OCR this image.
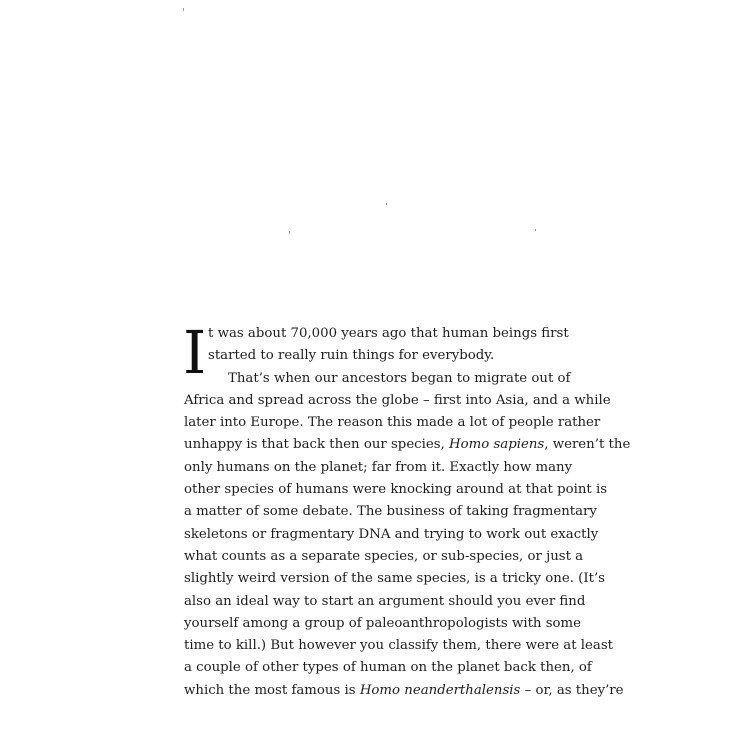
I t was about 70,000 years ago that human beings first
started to really ruin things for everybody.
That’s when our ancestors began to migrate out of
Africa and spread across the globe – first into Asia, and a while
later into Europe. The reason this made a lot of people rather
unhappy is that back then our species, Homo sapiens, weren’t the
only humans on the planet; far from it. Exactly how many
other species of humans were knocking around at that point is
a matter of some debate. The business of taking fragmentary
skeletons or fragmentary DNA and trying to work out exactly
what counts as a separate species, or sub-species, or just a
slightly weird version of the same species, is a tricky one. (It’s
also an ideal way to start an argument should you ever find
yourself among a group of paleoanthropologists with some
time to kill.) But however you classify them, there were at least
a couple of other types of human on the planet back then, of
which the most famous is Homo neanderthalensis – or, as they’re
